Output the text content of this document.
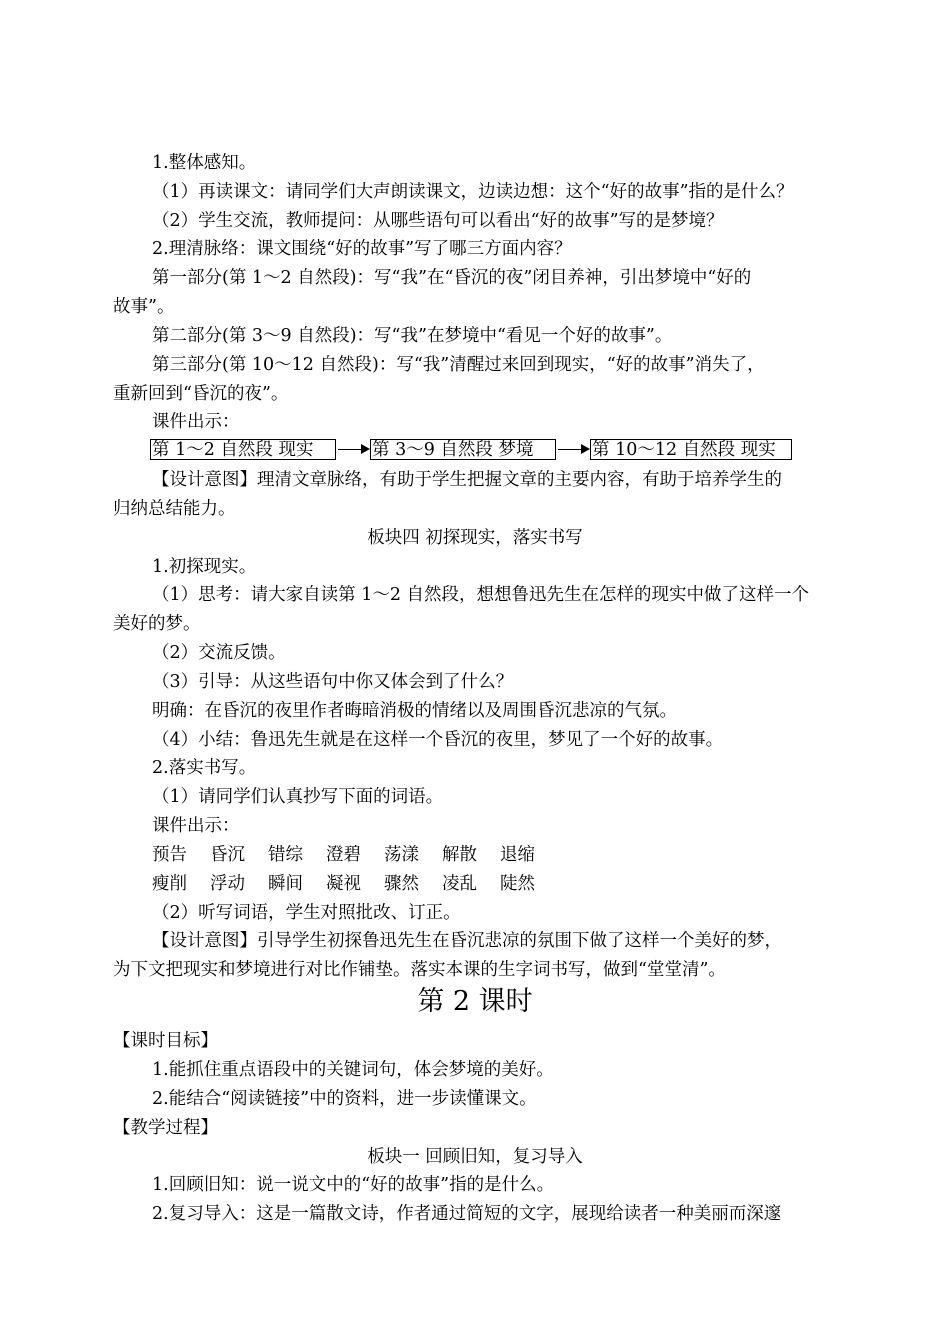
1.整体感知。
（1）再读课文：请同学们大声朗读课文，边读边想：这个“好的故事”指的是什么？
（2）学生交流，教师提问：从哪些语句可以看出“好的故事”写的是梦境？
2.理清脉络：课文围绕“好的故事”写了哪三方面内容？
第一部分(第 1～2 自然段)：写“我”在“昏沉的夜”闭目养神，引出梦境中“好的
故事”。
第二部分(第 3～9 自然段)：写“我”在梦境中“看见一个好的故事”。
第三部分(第 10～12 自然段)：写“我”清醒过来回到现实，“好的故事”消失了，
重新回到“昏沉的夜”。
课件出示：
第 1～2 自然段 现实	第 3～9 自然段 梦境	第 10～12 自然段 现实
【设计意图】理清文章脉络，有助于学生把握文章的主要内容，有助于培养学生的
归纳总结能力。
板块四 初探现实，落实书写
1.初探现实。
（1）思考：请大家自读第 1～2 自然段，想想鲁迅先生在怎样的现实中做了这样一个
美好的梦。
（2）交流反馈。
（3）引导：从这些语句中你又体会到了什么？
明确：在昏沉的夜里作者晦暗消极的情绪以及周围昏沉悲凉的气氛。
（4）小结：鲁迅先生就是在这样一个昏沉的夜里，梦见了一个好的故事。
2.落实书写。
（1）请同学们认真抄写下面的词语。
课件出示：
预告 昏沉 错综 澄碧 荡漾 解散 退缩
瘦削 浮动 瞬间 凝视 骤然 凌乱 陡然
（2）听写词语，学生对照批改、订正。
【设计意图】引导学生初探鲁迅先生在昏沉悲凉的氛围下做了这样一个美好的梦，
为下文把现实和梦境进行对比作铺垫。落实本课的生字词书写，做到“堂堂清”。
第 2 课时
【课时目标】
1.能抓住重点语段中的关键词句，体会梦境的美好。
2.能结合“阅读链接”中的资料，进一步读懂课文。
【教学过程】
板块一 回顾旧知，复习导入
1.回顾旧知：说一说文中的“好的故事”指的是什么。
2.复习导入：这是一篇散文诗，作者通过简短的文字，展现给读者一种美丽而深邃
